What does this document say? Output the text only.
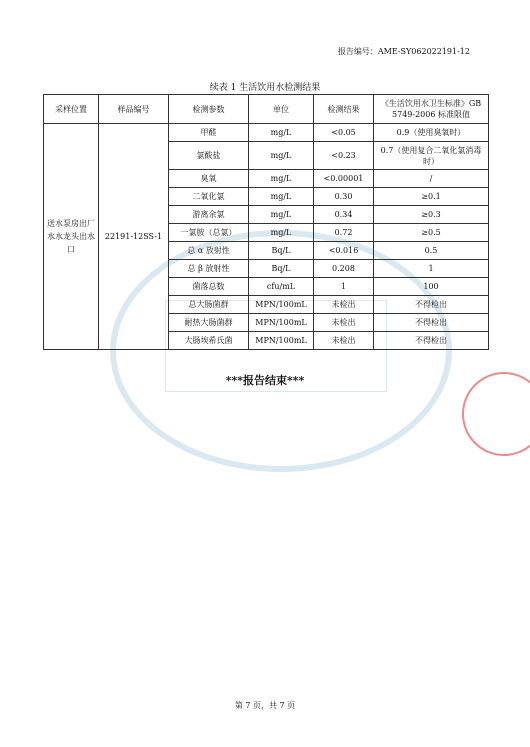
报告编号：AME-SY062022191-12
续表 1 生活饮用水检测结果
采样位置	样品编号	检测参数	单位	检测结果	《生活饮用水卫生标准》GB 5749-2006 标准限值
送水泵房出厂水水龙头出水口	22191-12SS-1	甲醛	mg/L	<0.05	0.9（使用臭氧时）
		氯酸盐	mg/L	<0.23	0.7（使用复合二氧化氯消毒时）
		臭氧	mg/L	<0.00001	/
		二氧化氯	mg/L	0.30	≥0.1
		游离余氯	mg/L	0.34	≥0.3
		一氯胺（总氯）	mg/L	0.72	≥0.5
		总 α 放射性	Bq/L	<0.016	0.5
		总 β 放射性	Bq/L	0.208	1
		菌落总数	cfu/mL	1	100
		总大肠菌群	MPN/100mL	未检出	不得检出
		耐热大肠菌群	MPN/100mL	未检出	不得检出
		大肠埃希氏菌	MPN/100mL	未检出	不得检出
***报告结束***
第 7 页，共 7 页
